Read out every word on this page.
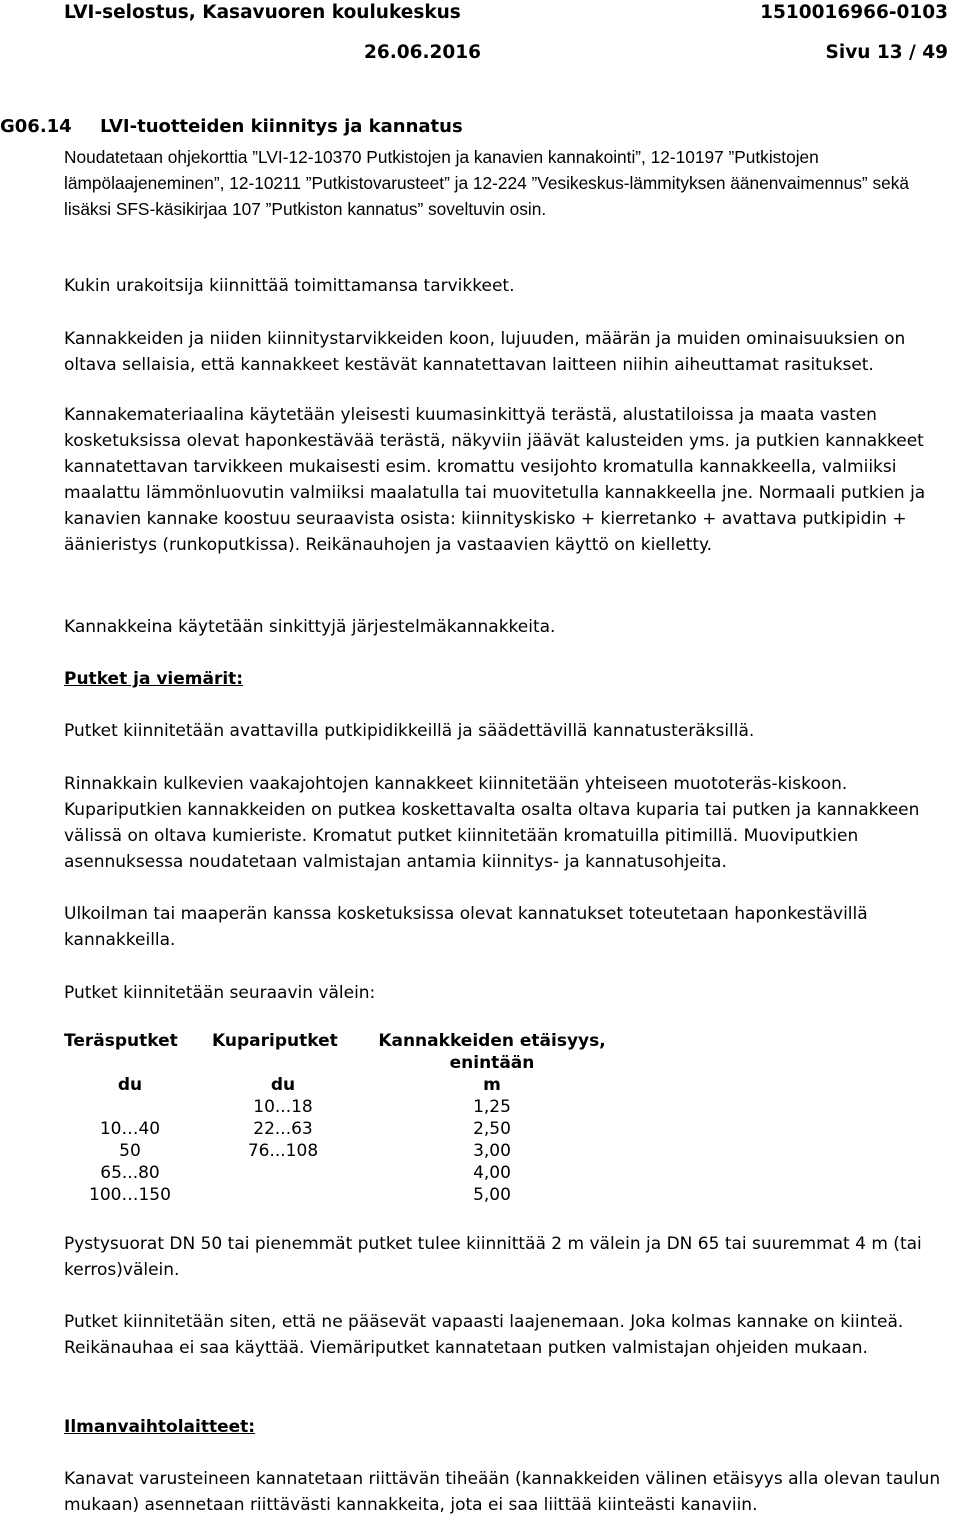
LVI-selostus, Kasavuoren koulukeskus	1510016966-0103
26.06.2016	Sivu 13 / 49
G06.14 LVI-tuotteiden kiinnitys ja kannatus

Noudatetaan ohjekorttia ”LVI-12-10370 Putkistojen ja kanavien kannakointi”, 12-10197 ”Putkistojen lämpölaajeneminen”, 12-10211 ”Putkistovarusteet” ja 12-224 ”Vesikeskus-lämmityksen äänenvaimennus” sekä lisäksi SFS-käsikirjaa 107 ”Putkiston kannatus” soveltuvin osin.

Kukin urakoitsija kiinnittää toimittamansa tarvikkeet.

Kannakkeiden ja niiden kiinnitystarvikkeiden koon, lujuuden, määrän ja muiden ominaisuuksien on oltava sellaisia, että kannakkeet kestävät kannatettavan laitteen niihin aiheuttamat rasitukset.

Kannakemateriaalina käytetään yleisesti kuumasinkittyä terästä, alustatiloissa ja maata vasten kosketuksissa olevat haponkestävää terästä, näkyviin jäävät kalusteiden yms. ja putkien kannakkeet kannatettavan tarvikkeen mukaisesti esim. kromattu vesijohto kromatulla kannakkeella, valmiiksi maalattu lämmönluovutin valmiiksi maalatulla tai muovitetulla kannakkeella jne. Normaali putkien ja kanavien kannake koostuu seuraavista osista: kiinnityskisko + kierretanko + avattava putkipidin + äänieristys (runkoputkissa). Reikänauhojen ja vastaavien käyttö on kielletty.

Kannakkeina käytetään sinkittyjä järjestelmäkannakkeita.

Putket ja viemärit:

Putket kiinnitetään avattavilla putkipidikkeillä ja säädettävillä kannatusteräksillä.

Rinnakkain kulkevien vaakajohtojen kannakkeet kiinnitetään yhteiseen muototeräs-kiskoon. Kupariputkien kannakkeiden on putkea koskettavalta osalta oltava kuparia tai putken ja kannakkeen välissä on oltava kumieriste. Kromatut putket kiinnitetään kromatuilla pitimillä. Muoviputkien asennuksessa noudatetaan valmistajan antamia kiinnitys- ja kannatusohjeita.

Ulkoilman tai maaperän kanssa kosketuksissa olevat kannatukset toteutetaan haponkestävillä kannakkeilla.

Putket kiinnitetään seuraavin välein:

Teräsputket	Kupariputket	Kannakkeiden etäisyys, enintään
du	du	m
	10...18	1,25
10…40	22...63	2,50
50	76...108	3,00
65...80		4,00
100…150		5,00

Pystysuorat DN 50 tai pienemmät putket tulee kiinnittää 2 m välein ja DN 65 tai suuremmat 4 m (tai kerros)välein.

Putket kiinnitetään siten, että ne pääsevät vapaasti laajenemaan. Joka kolmas kannake on kiinteä. Reikänauhaa ei saa käyttää. Viemäriputket kannatetaan putken valmistajan ohjeiden mukaan.

Ilmanvaihtolaitteet:

Kanavat varusteineen kannatetaan riittävän tiheään (kannakkeiden välinen etäisyys alla olevan taulun mukaan) asennetaan riittävästi kannakkeita, jota ei saa liittää kiinteästi kanaviin.
